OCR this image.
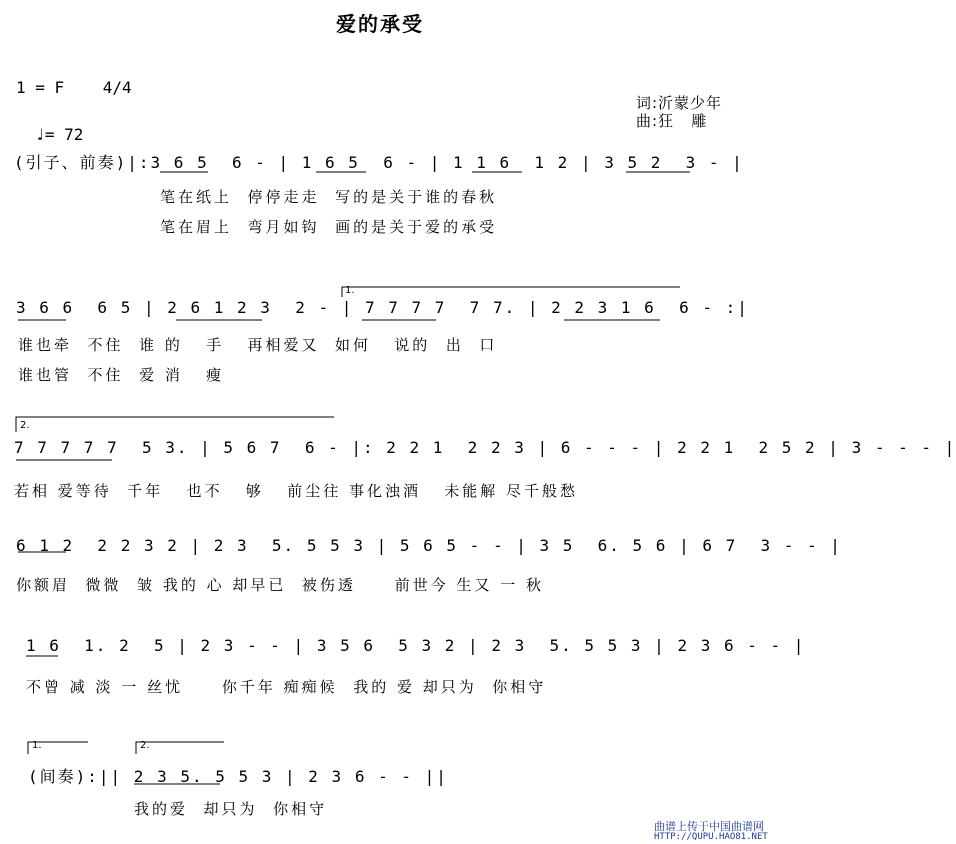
爱的承受
1 = F    4/4

♩= 72

词:沂蒙少年
曲:狂   雕
(引子、前奏)|:3 6 5  6 - | 1 6 5  6 - | 1 1 6  1 2 | 3 5 2  3 - |
笔在纸上  停停走走  写的是关于谁的春秋
笔在眉上  弯月如钩  画的是关于爱的承受
3 6 6  6 5 | 2 6 1 2 3  2 - | 7 7 7 7  7 7. | 2 2 3 1 6  6 - :|
谁也牵  不住  谁 的   手   再相爱又  如何   说的  出  口
谁也管  不住  爱 消   瘦
1.
2.
7 7 7 7 7  5 3. | 5 6 7  6 - |: 2 2 1  2 2 3 | 6 - - - | 2 2 1  2 5 2 | 3 - - - |
若相 爱等待  千年   也不   够   前尘往 事化浊酒   未能解 尽千般愁
6 1 2  2 2 3 2 | 2 3  5. 5 5 3 | 5 6 5 - - | 3 5  6. 5 6 | 6 7  3 - - |
你额眉  微微  皱 我的 心 却早已  被伤透     前世今 生又 一 秋
1 6  1. 2  5 | 2 3 - - | 3 5 6  5 3 2 | 2 3  5. 5 5 3 | 2 3 6 - - |
不曾 减 淡 一 丝忧     你千年 痴痴候  我的 爱 却只为  你相守
1.	2.
(间奏):|| 2 3 5. 5 5 3 | 2 3 6 - - ||
我的爱  却只为  你相守
曲谱上传于中国曲谱网
HTTP://QUPU.HAO81.NET
